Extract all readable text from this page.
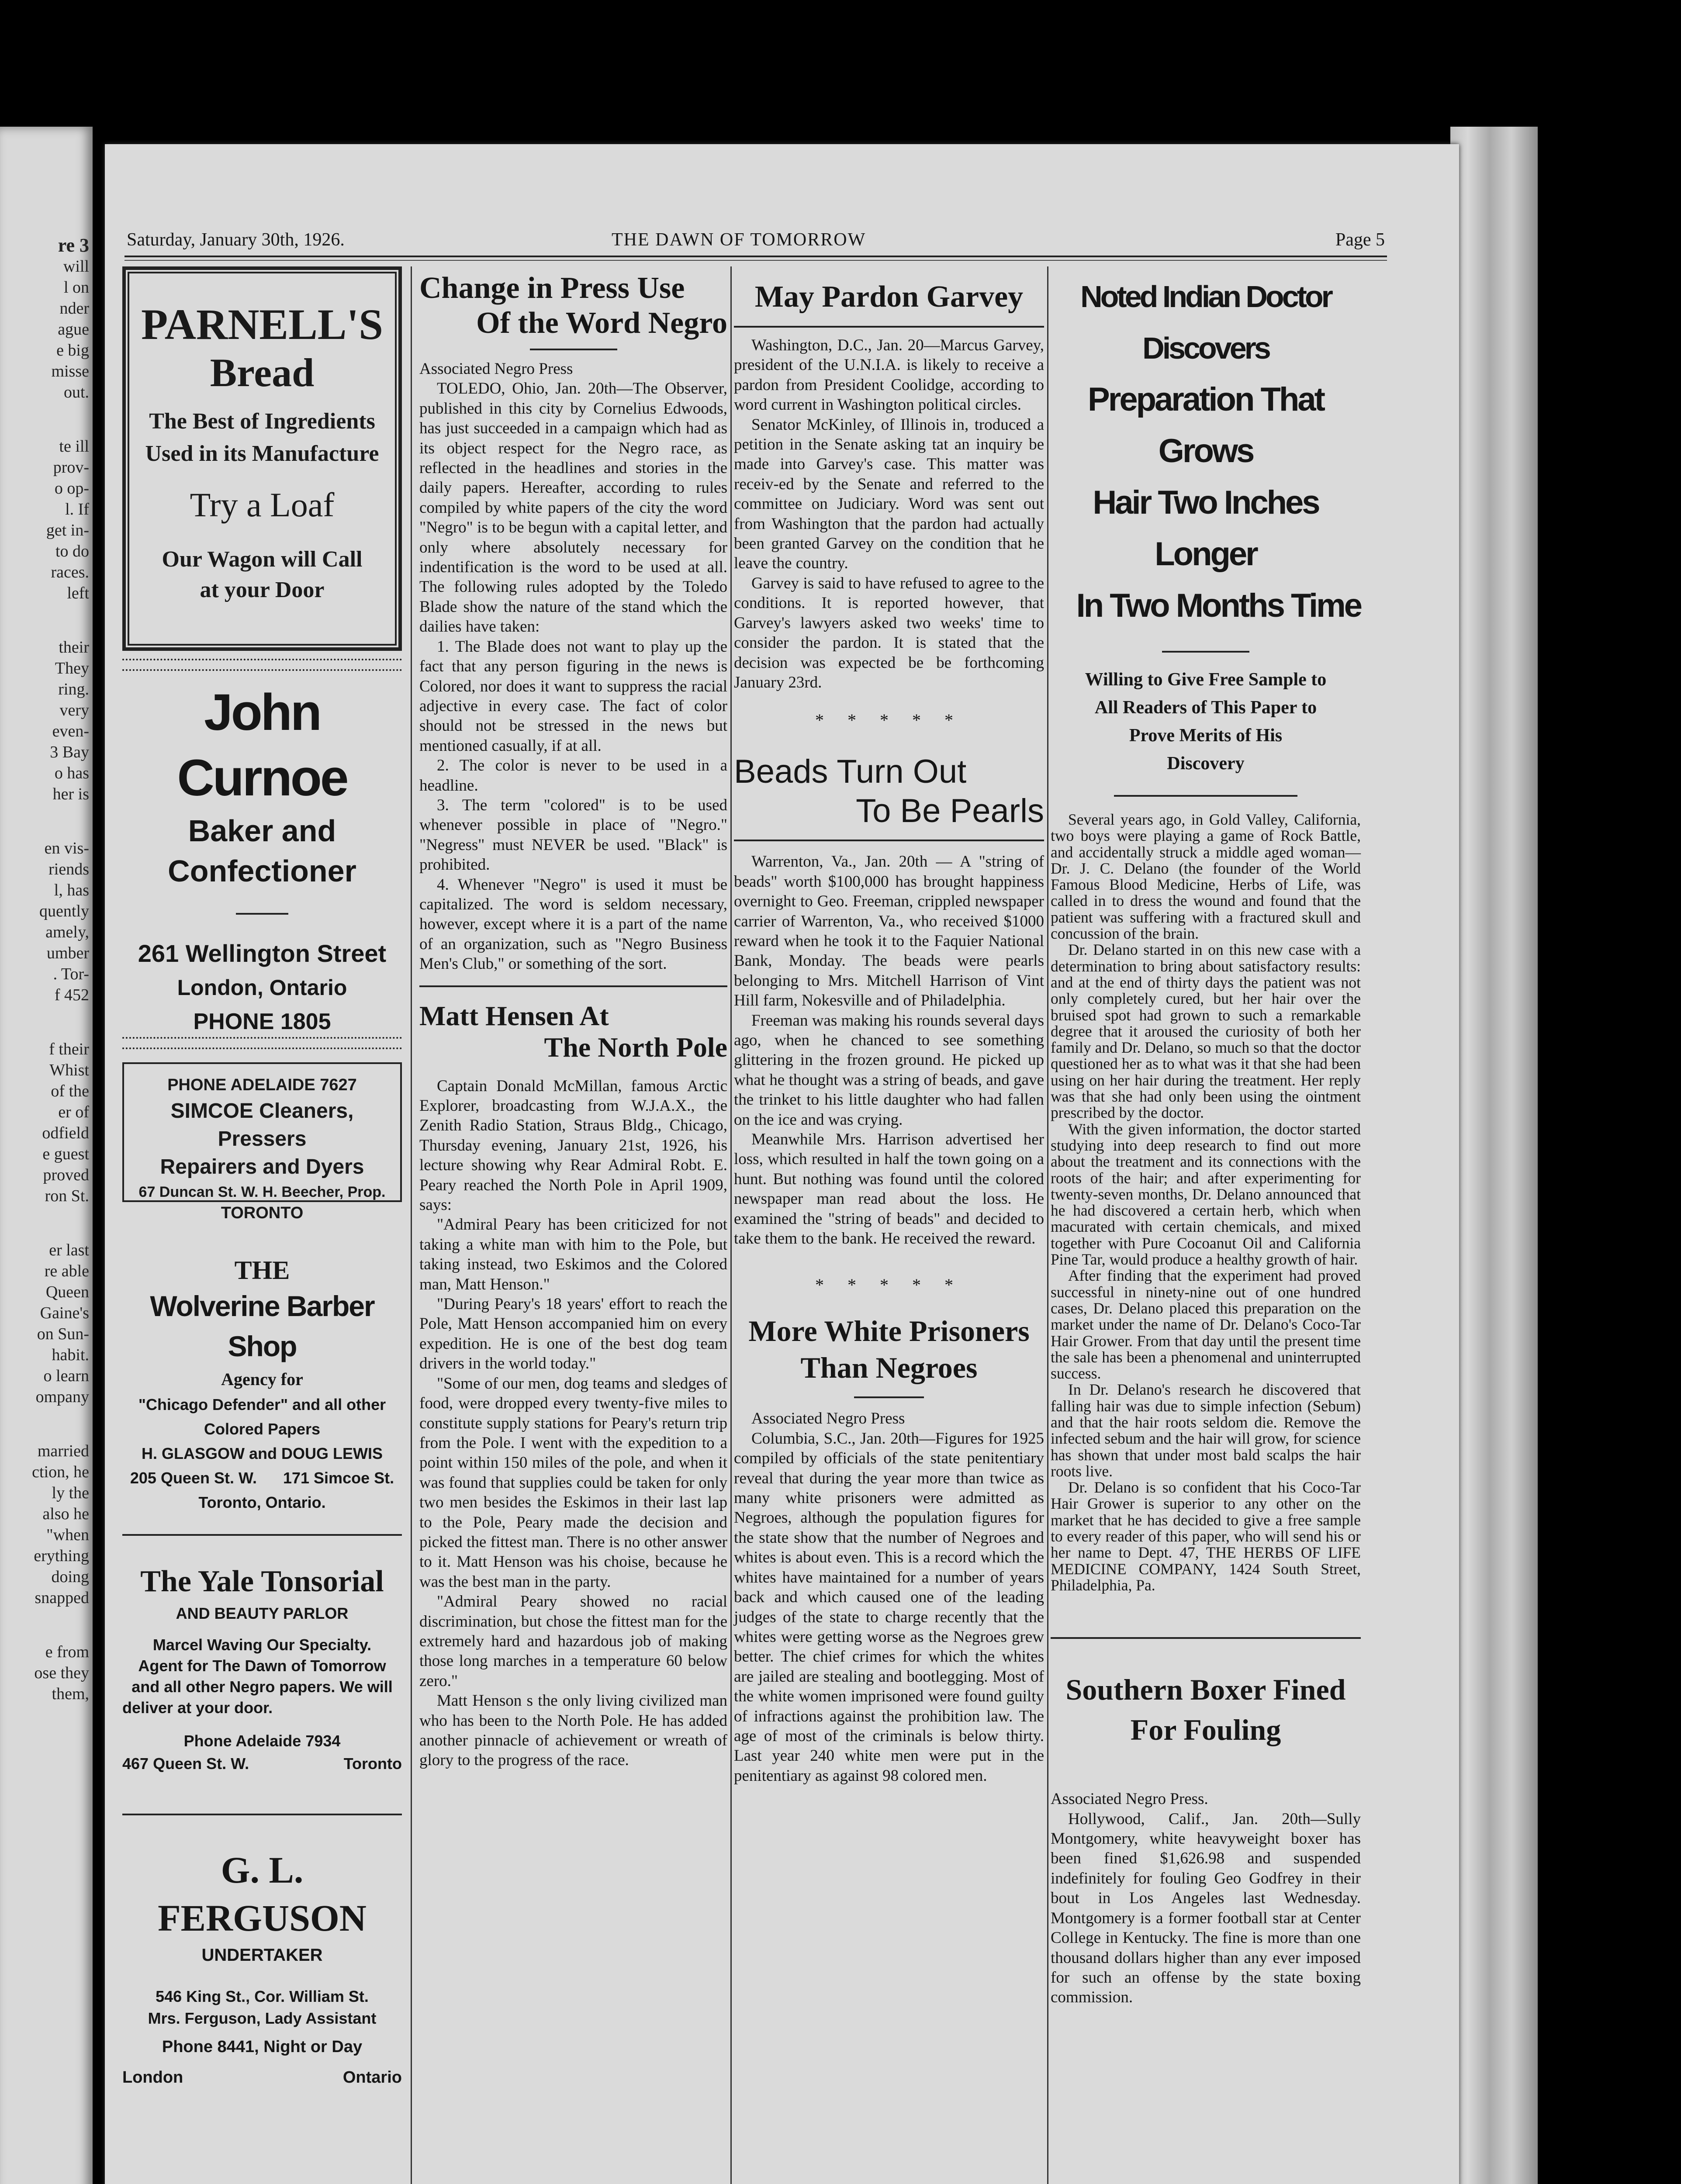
re 3
will
l on
nder
ague
e big
misse
out.
te ill
prov-
o op-
l. If
get in-
to do
races.
left
their
They
ring.
very
even-
3 Bay
o has
her is
en vis-
riends
l, has
quently
amely,
umber
. Tor-
f 452
f their
Whist
of the
er of
odfield
e guest
proved
ron St.
er last
re able
Queen
Gaine's
on Sun-
habit.
o learn
ompany
married
ction, he
ly the
also he
"when
erything
doing
snapped
e from
ose they
them,
Saturday, January 30th, 1926.	THE DAWN OF TOMORROW	Page 5
PARNELL'S
Bread
The Best of Ingredients
Used in its Manufacture
Try a Loaf
Our Wagon will Call
at your Door
John Curnoe
Baker and
Confectioner
261 Wellington Street
London, Ontario
PHONE 1805
PHONE ADELAIDE 7627
SIMCOE Cleaners, Pressers
Repairers and Dyers
67 Duncan St. W. H. Beecher, Prop.
TORONTO
THE
Wolverine Barber Shop
Agency for
"Chicago Defender" and all other
Colored Papers
H. GLASGOW and DOUG LEWIS
205 Queen St. W.      171 Simcoe St.
Toronto, Ontario.
The Yale Tonsorial
AND BEAUTY PARLOR
Marcel Waving Our Specialty.
Agent for The Dawn of Tomorrow
and all other Negro papers. We will
deliver at your door.
Phone Adelaide 7934
467 Queen St. W.	Toronto
G. L. FERGUSON
UNDERTAKER
546 King St., Cor. William St.
Mrs. Ferguson, Lady Assistant
Phone 8441, Night or Day
London	Ontario
Change in Press Use
Of the Word Negro

Associated Negro Press

TOLEDO, Ohio, Jan. 20th—The Observer, published in this city by Cornelius Edwoods, has just succeeded in a campaign which had as its object respect for the Negro race, as reflected in the headlines and stories in the daily papers. Hereafter, according to rules compiled by white papers of the city the word "Negro" is to be begun with a capital letter, and only where absolutely necessary for indentification is the word to be used at all. The following rules adopted by the Toledo Blade show the nature of the stand which the dailies have taken:

1. The Blade does not want to play up the fact that any person figuring in the news is Colored, nor does it want to suppress the racial adjective in every case. The fact of color should not be stressed in the news but mentioned casually, if at all.

2. The color is never to be used in a headline.

3. The term "colored" is to be used whenever possible in place of "Negro." "Negress" must NEVER be used. "Black" is prohibited.

4. Whenever "Negro" is used it must be capitalized. The word is seldom necessary, however, except where it is a part of the name of an organization, such as "Negro Business Men's Club," or something of the sort.

Matt Hensen At
The North Pole

Captain Donald McMillan, famous Arctic Explorer, broadcasting from W.J.A.X., the Zenith Radio Station, Straus Bldg., Chicago, Thursday evening, January 21st, 1926, his lecture showing why Rear Admiral Robt. E. Peary reached the North Pole in April 1909, says:

"Admiral Peary has been criticized for not taking a white man with him to the Pole, but taking instead, two Eskimos and the Colored man, Matt Henson."

"During Peary's 18 years' effort to reach the Pole, Matt Henson accompanied him on every expedition. He is one of the best dog team drivers in the world today."

"Some of our men, dog teams and sledges of food, were dropped every twenty-five miles to constitute supply stations for Peary's return trip from the Pole. I went with the expedition to a point within 150 miles of the pole, and when it was found that supplies could be taken for only two men besides the Eskimos in their last lap to the Pole, Peary made the decision and picked the fittest man. There is no other answer to it. Matt Henson was his choise, because he was the best man in the party.

"Admiral Peary showed no racial discrimination, but chose the fittest man for the extremely hard and hazardous job of making those long marches in a temperature 60 below zero."

Matt Henson s the only living civilized man who has been to the North Pole. He has added another pinnacle of achievement or wreath of glory to the progress of the race.

May Pardon Garvey

Washington, D.C., Jan. 20—Marcus Garvey, president of the U.N.I.A. is likely to receive a pardon from President Coolidge, according to word current in Washington political circles.

Senator McKinley, of Illinois in, troduced a petition in the Senate asking tat an inquiry be made into Garvey's case. This matter was receiv-ed by the Senate and referred to the committee on Judiciary. Word was sent out from Washington that the pardon had actually been granted Garvey on the condition that he leave the country.

Garvey is said to have refused to agree to the conditions. It is reported however, that Garvey's lawyers asked two weeks' time to consider the pardon. It is stated that the decision was expected be be forthcoming January 23rd.

* * * * *
Beads Turn Out
To Be Pearls

Warrenton, Va., Jan. 20th — A "string of beads" worth $100,000 has brought happiness overnight to Geo. Freeman, crippled newspaper carrier of Warrenton, Va., who received $1000 reward when he took it to the Faquier National Bank, Monday. The beads were pearls belonging to Mrs. Mitchell Harrison of Vint Hill farm, Nokesville and of Philadelphia.

Freeman was making his rounds several days ago, when he chanced to see something glittering in the frozen ground. He picked up what he thought was a string of beads, and gave the trinket to his little daughter who had fallen on the ice and was crying.

Meanwhile Mrs. Harrison advertised her loss, which resulted in half the town going on a hunt. But nothing was found until the colored newspaper man read about the loss. He examined the "string of beads" and decided to take them to the bank. He received the reward.

* * * * *
More White Prisoners
Than Negroes

Associated Negro Press

Columbia, S.C., Jan. 20th—Figures for 1925 compiled by officials of the state penitentiary reveal that during the year more than twice as many white prisoners were admitted as Negroes, although the population figures for the state show that the number of Negroes and whites is about even. This is a record which the whites have maintained for a number of years back and which caused one of the leading judges of the state to charge recently that the whites were getting worse as the Negroes grew better. The chief crimes for which the whites are jailed are stealing and bootlegging. Most of the white women imprisoned were found guilty of infractions against the prohibition law. The age of most of the criminals is below thirty. Last year 240 white men were put in the penitentiary as against 98 colored men.

Noted Indian Doctor Discovers
Preparation That Grows
Hair Two Inches Longer
In Two Months Time
Willing to Give Free Sample to
All Readers of This Paper to
Prove Merits of His
Discovery

Several years ago, in Gold Valley, California, two boys were playing a game of Rock Battle, and accidentally struck a middle aged woman— Dr. J. C. Delano (the founder of the World Famous Blood Medicine, Herbs of Life, was called in to dress the wound and found that the patient was suffering with a fractured skull and concussion of the brain.

Dr. Delano started in on this new case with a determination to bring about satisfactory results: and at the end of thirty days the patient was not only completely cured, but her hair over the bruised spot had grown to such a remarkable degree that it aroused the curiosity of both her family and Dr. Delano, so much so that the doctor questioned her as to what was it that she had been using on her hair during the treatment. Her reply was that she had only been using the ointment prescribed by the doctor.

With the given information, the doctor started studying into deep research to find out more about the treatment and its connections with the roots of the hair; and after experimenting for twenty-seven months, Dr. Delano announced that he had discovered a certain herb, which when macurated with certain chemicals, and mixed together with Pure Cocoanut Oil and California Pine Tar, would produce a healthy growth of hair.

After finding that the experiment had proved successful in ninety-nine out of one hundred cases, Dr. Delano placed this preparation on the market under the name of Dr. Delano's Coco-Tar Hair Grower. From that day until the present time the sale has been a phenomenal and uninterrupted success.

In Dr. Delano's research he discovered that falling hair was due to simple infection (Sebum) and that the hair roots seldom die. Remove the infected sebum and the hair will grow, for science has shown that under most bald scalps the hair roots live.

Dr. Delano is so confident that his Coco-Tar Hair Grower is superior to any other on the market that he has decided to give a free sample to every reader of this paper, who will send his or her name to Dept. 47, THE HERBS OF LIFE MEDICINE COMPANY, 1424 South Street, Philadelphia, Pa.

Southern Boxer Fined
For Fouling

Associated Negro Press.

Hollywood, Calif., Jan. 20th—Sully Montgomery, white heavyweight boxer has been fined $1,626.98 and suspended indefinitely for fouling Geo Godfrey in their bout in Los Angeles last Wednesday. Montgomery is a former football star at Center College in Kentucky. The fine is more than one thousand dollars higher than any ever imposed for such an offense by the state boxing commission.
